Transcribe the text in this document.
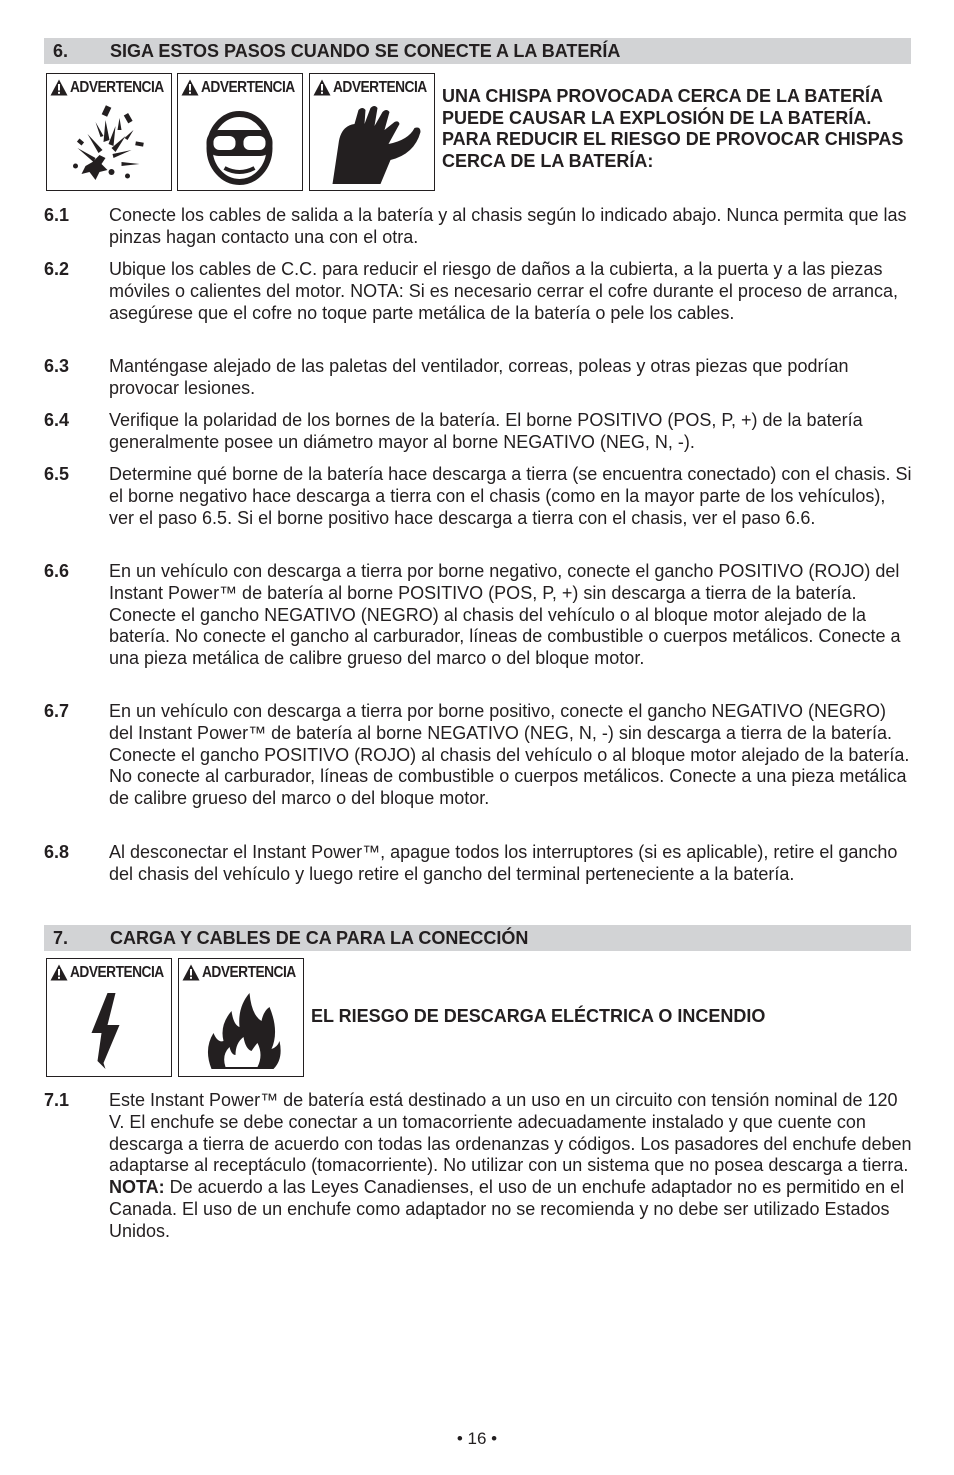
6. SIGA ESTOS PASOS CUANDO SE CONECTE A LA BATERÍA
ADVERTENCIA ADVERTENCIA ADVERTENCIA UNA CHISPA PROVOCADA CERCA DE LA BATERÍA PUEDE CAUSAR LA EXPLOSIÓN DE LA BATERÍA. PARA REDUCIR EL RIESGO DE PROVOCAR CHISPAS CERCA DE LA BATERÍA:
6.1 Conecte los cables de salida a la batería y al chasis según lo indicado abajo. Nunca permita que las pinzas hagan contacto una con el otra.
6.2 Ubique los cables de C.C. para reducir el riesgo de daños a la cubierta, a la puerta y a las piezas móviles o calientes del motor. NOTA: Si es necesario cerrar el cofre durante el proceso de arranca, asegúrese que el cofre no toque parte metálica de la batería o pele los cables.
6.3 Manténgase alejado de las paletas del ventilador, correas, poleas y otras piezas que podrían provocar lesiones.
6.4 Verifique la polaridad de los bornes de la batería. El borne POSITIVO (POS, P, +) de la batería generalmente posee un diámetro mayor al borne NEGATIVO (NEG, N, -).
6.5 Determine qué borne de la batería hace descarga a tierra (se encuentra conectado) con el chasis. Si el borne negativo hace descarga a tierra con el chasis (como en la mayor parte de los vehículos), ver el paso 6.5. Si el borne positivo hace descarga a tierra con el chasis, ver el paso 6.6.
6.6 En un vehículo con descarga a tierra por borne negativo, conecte el gancho POSITIVO (ROJO) del Instant Power™ de batería al borne POSITIVO (POS, P, +) sin descarga a tierra de la batería. Conecte el gancho NEGATIVO (NEGRO) al chasis del vehículo o al bloque motor alejado de la batería. No conecte el gancho al carburador, líneas de combustible o cuerpos metálicos. Conecte a una pieza metálica de calibre grueso del marco o del bloque motor.
6.7 En un vehículo con descarga a tierra por borne positivo, conecte el gancho NEGATIVO (NEGRO) del Instant Power™ de batería al borne NEGATIVO (NEG, N, -) sin descarga a tierra de la batería. Conecte el gancho POSITIVO (ROJO) al chasis del vehículo o al bloque motor alejado de la batería. No conecte al carburador, líneas de combustible o cuerpos metálicos. Conecte a una pieza metálica de calibre grueso del marco o del bloque motor.
6.8 Al desconectar el Instant Power™, apague todos los interruptores (si es aplicable), retire el gancho del chasis del vehículo y luego retire el gancho del terminal perteneciente a la batería.
7. CARGA Y CABLES DE CA PARA LA CONECCIÓN
ADVERTENCIA ADVERTENCIA
EL RIESGO DE DESCARGA ELÉCTRICA O INCENDIO
7.1 Este Instant Power™ de batería está destinado a un uso en un circuito con tensión nominal de 120 V. El enchufe se debe conectar a un tomacorriente adecuadamente instalado y que cuente con descarga a tierra de acuerdo con todas las ordenanzas y códigos. Los pasadores del enchufe deben adaptarse al receptáculo (tomacorriente). No utilizar con un sistema que no posea descarga a tierra. NOTA: De acuerdo a las Leyes Canadienses, el uso de un enchufe adaptador no es permitido en el Canada. El uso de un enchufe como adaptador no se recomienda y no debe ser utilizado Estados Unidos.
• 16 •
